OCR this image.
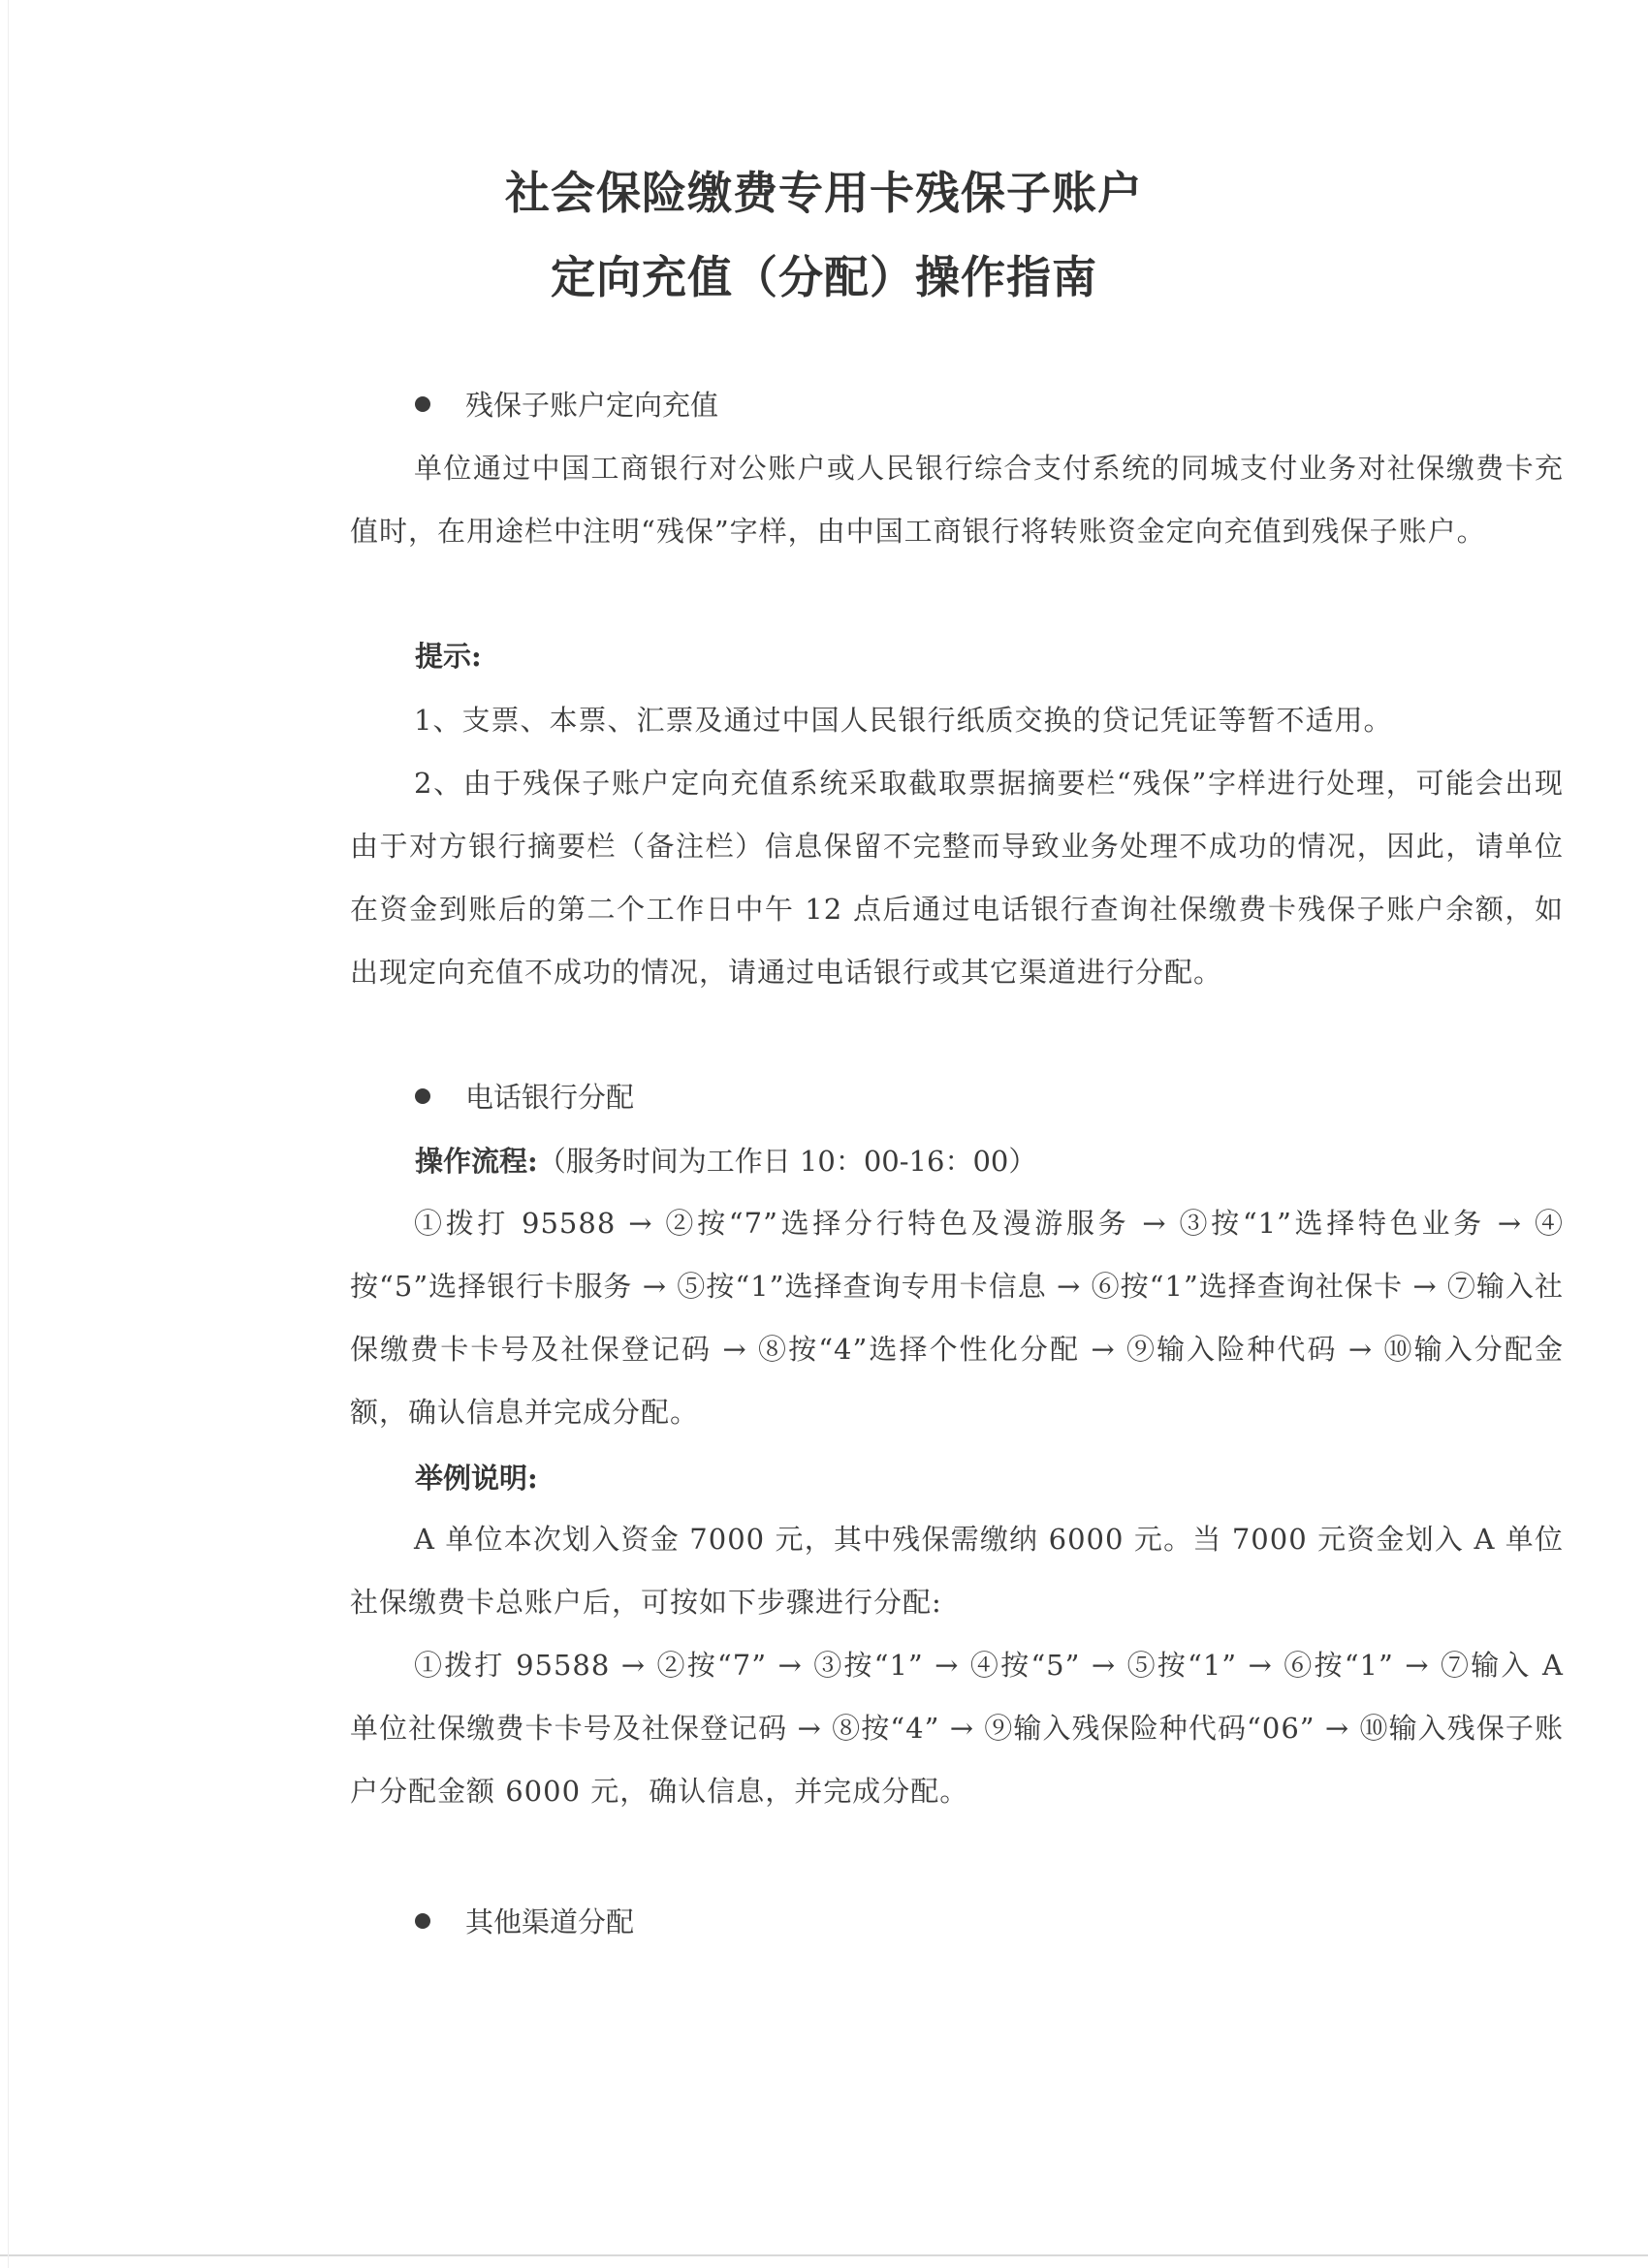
社会保险缴费专用卡残保子账户
定向充值（分配）操作指南
残保子账户定向充值
单位通过中国工商银行对公账户或人民银行综合支付系统的同城支付业务对社保缴费卡充值时，在用途栏中注明“残保”字样，由中国工商银行将转账资金定向充值到残保子账户。
提示:
1、支票、本票、汇票及通过中国人民银行纸质交换的贷记凭证等暂不适用。
2、由于残保子账户定向充值系统采取截取票据摘要栏“残保”字样进行处理，可能会出现由于对方银行摘要栏（备注栏）信息保留不完整而导致业务处理不成功的情况，因此，请单位在资金到账后的第二个工作日中午 12 点后通过电话银行查询社保缴费卡残保子账户余额，如出现定向充值不成功的情况，请通过电话银行或其它渠道进行分配。
电话银行分配
操作流程:（服务时间为工作日 10：00-16：00）
①拨打 95588 → ②按“7”选择分行特色及漫游服务 → ③按“1”选择特色业务 → ④按“5”选择银行卡服务 → ⑤按“1”选择查询专用卡信息 → ⑥按“1”选择查询社保卡 → ⑦输入社保缴费卡卡号及社保登记码 → ⑧按“4”选择个性化分配 → ⑨输入险种代码 → ⑩输入分配金额，确认信息并完成分配。
举例说明:
A 单位本次划入资金 7000 元，其中残保需缴纳 6000 元。当 7000 元资金划入 A 单位社保缴费卡总账户后，可按如下步骤进行分配:
①拨打 95588 → ②按“7” → ③按“1” → ④按“5” → ⑤按“1” → ⑥按“1” → ⑦输入 A 单位社保缴费卡卡号及社保登记码 → ⑧按“4” → ⑨输入残保险种代码“06” → ⑩输入残保子账户分配金额 6000 元，确认信息，并完成分配。
其他渠道分配
